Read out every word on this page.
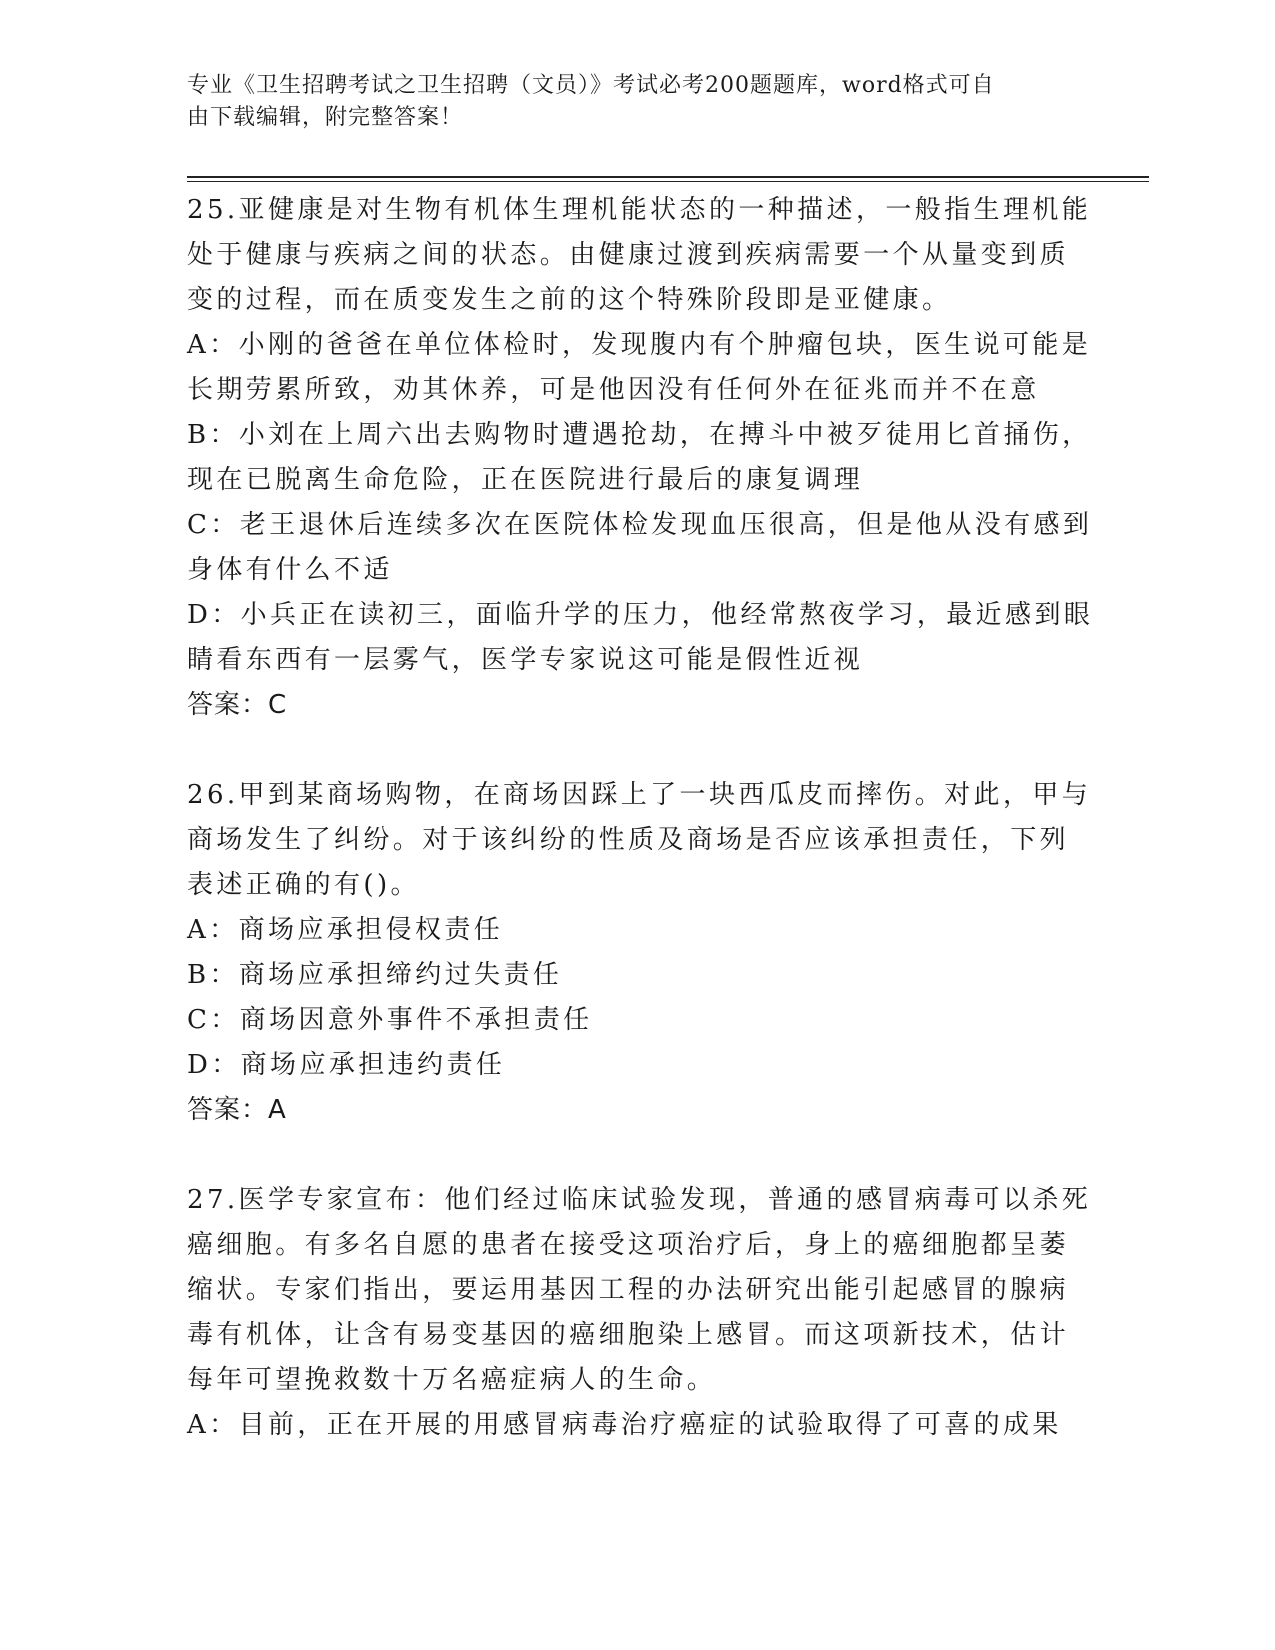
专业《卫生招聘考试之卫生招聘（文员）》考试必考200题题库，word格式可自
由下载编辑，附完整答案！
25.亚健康是对生物有机体生理机能状态的一种描述，一般指生理机能
处于健康与疾病之间的状态。由健康过渡到疾病需要一个从量变到质
变的过程，而在质变发生之前的这个特殊阶段即是亚健康。
A：小刚的爸爸在单位体检时，发现腹内有个肿瘤包块，医生说可能是
长期劳累所致，劝其休养，可是他因没有任何外在征兆而并不在意
B：小刘在上周六出去购物时遭遇抢劫，在搏斗中被歹徒用匕首捅伤，
现在已脱离生命危险，正在医院进行最后的康复调理
C：老王退休后连续多次在医院体检发现血压很高，但是他从没有感到
身体有什么不适
D：小兵正在读初三，面临升学的压力，他经常熬夜学习，最近感到眼
睛看东西有一层雾气，医学专家说这可能是假性近视
答案：C
26.甲到某商场购物，在商场因踩上了一块西瓜皮而摔伤。对此，甲与
商场发生了纠纷。对于该纠纷的性质及商场是否应该承担责任，下列
表述正确的有()。
A：商场应承担侵权责任
B：商场应承担缔约过失责任
C：商场因意外事件不承担责任
D：商场应承担违约责任
答案：A
27.医学专家宣布：他们经过临床试验发现，普通的感冒病毒可以杀死
癌细胞。有多名自愿的患者在接受这项治疗后，身上的癌细胞都呈萎
缩状。专家们指出，要运用基因工程的办法研究出能引起感冒的腺病
毒有机体，让含有易变基因的癌细胞染上感冒。而这项新技术，估计
每年可望挽救数十万名癌症病人的生命。
A：目前，正在开展的用感冒病毒治疗癌症的试验取得了可喜的成果
